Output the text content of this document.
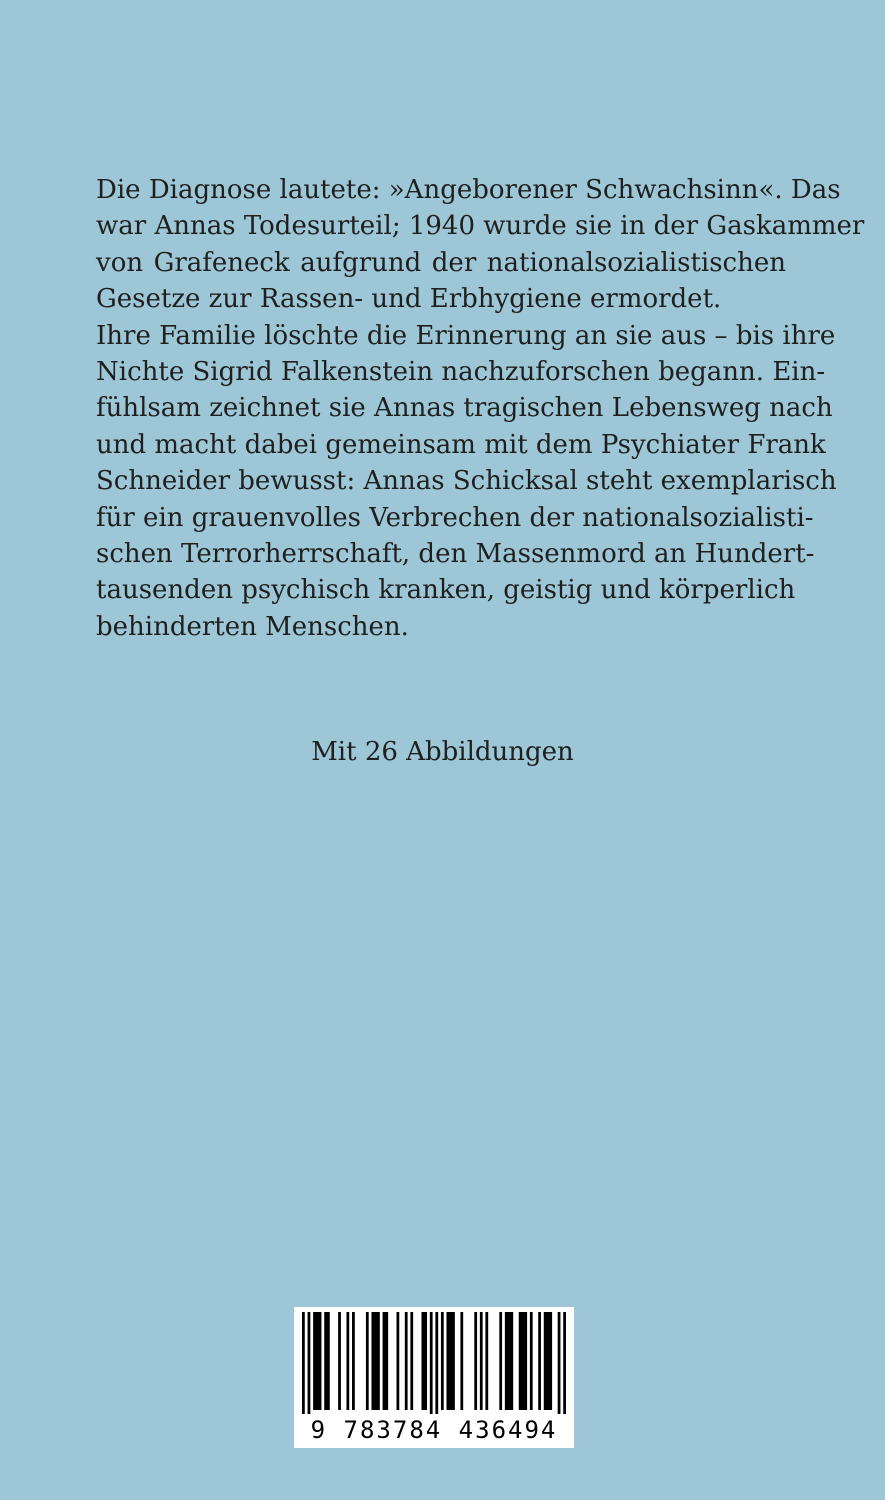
Die Diagnose lautete: »Angeborener Schwachsinn«. Das
war Annas Todesurteil; 1940 wurde sie in der Gaskammer
von Grafeneck aufgrund der nationalsozialistischen
Gesetze zur Rassen- und Erbhygiene ermordet.

Ihre Familie löschte die Erinnerung an sie aus – bis ihre
Nichte Sigrid Falkenstein nachzuforschen begann. Ein-
fühlsam zeichnet sie Annas tragischen Lebensweg nach
und macht dabei gemeinsam mit dem Psychiater Frank
Schneider bewusst: Annas Schicksal steht exemplarisch
für ein grauenvolles Verbrechen der nationalsozialisti-
schen Terrorherrschaft, den Massenmord an Hundert-
tausenden psychisch kranken, geistig und körperlich
behinderten Menschen.

Mit 26 Abbildungen
9 783784 436494
